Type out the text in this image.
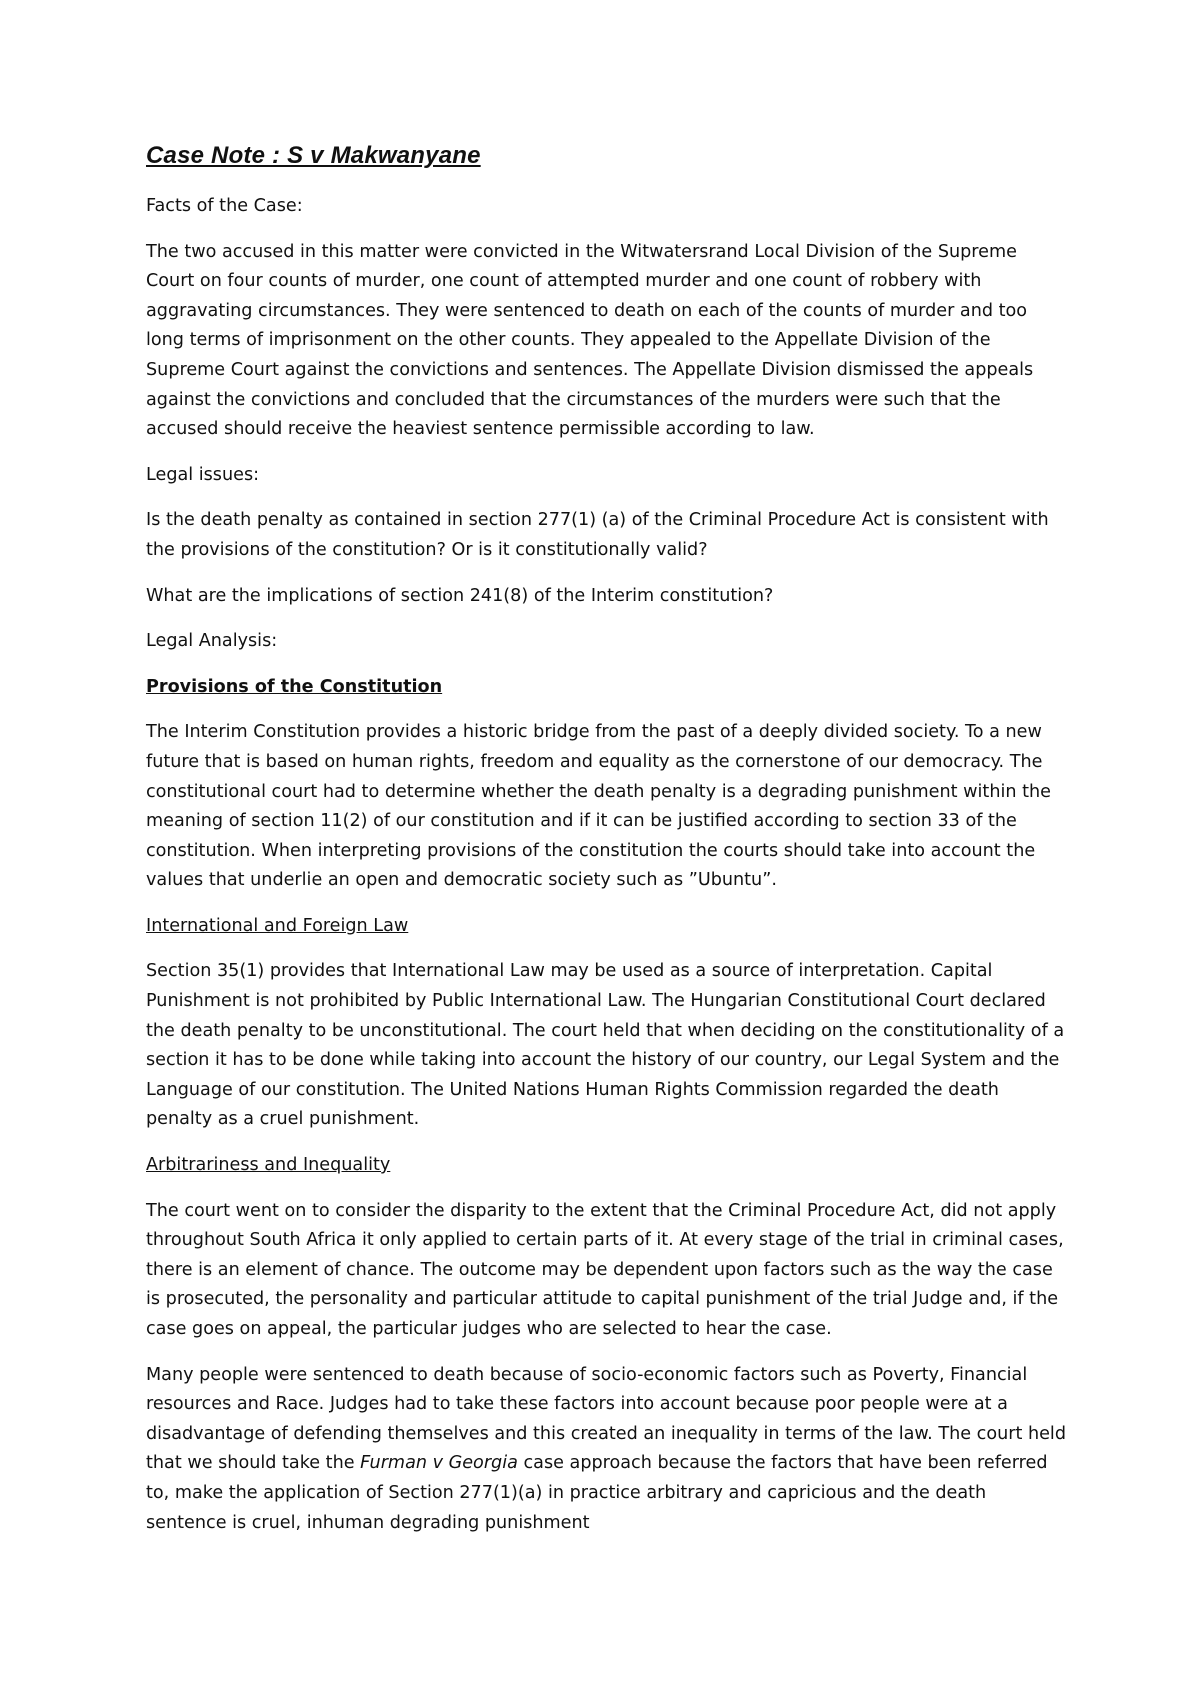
Case Note : S v Makwanyane

Facts of the Case:

The two accused in this matter were convicted in the Witwatersrand Local Division of the Supreme Court on four counts of murder, one count of attempted murder and one count of robbery with aggravating circumstances. They were sentenced to death on each of the counts of murder and too long terms of imprisonment on the other counts. They appealed to the Appellate Division of the Supreme Court against the convictions and sentences. The Appellate Division dismissed the appeals against the convictions and concluded that the circumstances of the murders were such that the accused should receive the heaviest sentence permissible according to law.

Legal issues:

Is the death penalty as contained in section 277(1) (a) of the Criminal Procedure Act is consistent with the provisions of the constitution? Or is it constitutionally valid?

What are the implications of section 241(8) of the Interim constitution?

Legal Analysis:

Provisions of the Constitution

The Interim Constitution provides a historic bridge from the past of a deeply divided society. To a new future that is based on human rights, freedom and equality as the cornerstone of our democracy. The constitutional court had to determine whether the death penalty is a degrading punishment within the meaning of section 11(2) of our constitution and if it can be justified according to section 33 of the constitution. When interpreting provisions of the constitution the courts should take into account the values that underlie an open and democratic society such as ”Ubuntu”.

International and Foreign Law

Section 35(1) provides that International Law may be used as a source of interpretation. Capital Punishment is not prohibited by Public International Law. The Hungarian Constitutional Court declared the death penalty to be unconstitutional. The court held that when deciding on the constitutionality of a section it has to be done while taking into account the history of our country, our Legal System and the Language of our constitution. The United Nations Human Rights Commission regarded the death penalty as a cruel punishment.

Arbitrariness and Inequality

The court went on to consider the disparity to the extent that the Criminal Procedure Act, did not apply throughout South Africa it only applied to certain parts of it. At every stage of the trial in criminal cases, there is an element of chance. The outcome may be dependent upon factors such as the way the case is prosecuted, the personality and particular attitude to capital punishment of the trial Judge and, if the case goes on appeal, the particular judges who are selected to hear the case.

Many people were sentenced to death because of socio-economic factors such as Poverty, Financial resources and Race. Judges had to take these factors into account because poor people were at a disadvantage of defending themselves and this created an inequality in terms of the law. The court held that we should take the Furman v Georgia case approach because the factors that have been referred to, make the application of Section 277(1)(a) in practice arbitrary and capricious and the death sentence is cruel, inhuman degrading punishment
